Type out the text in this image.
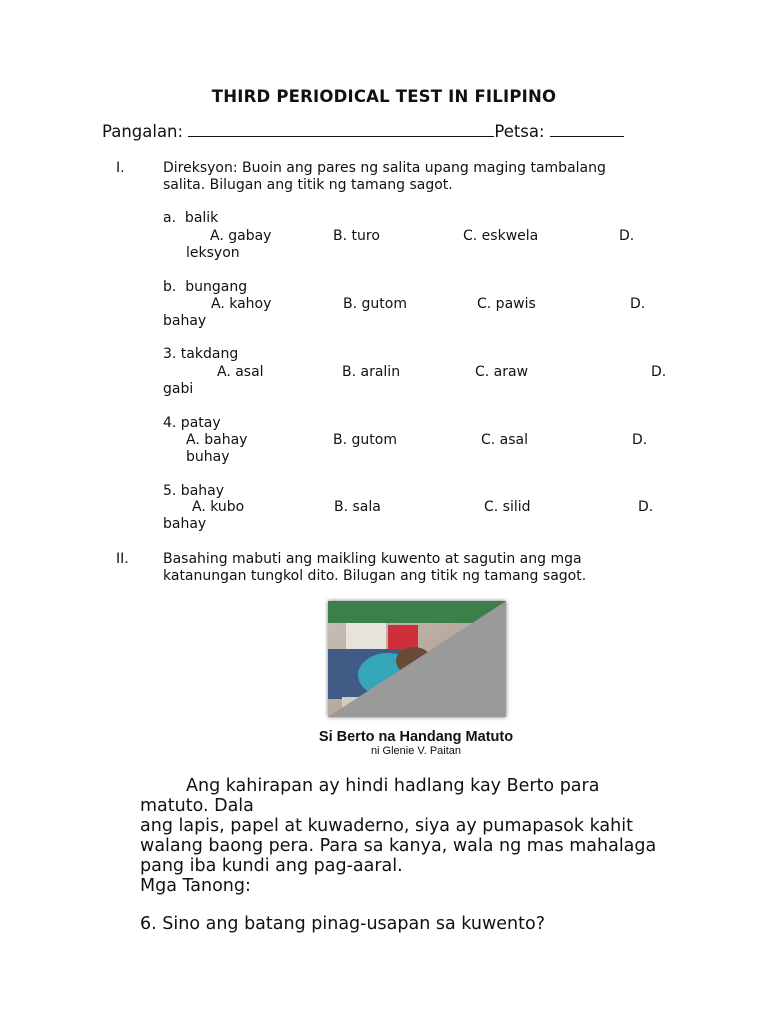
THIRD PERIODICAL TEST IN FILIPINO
Pangalan:	Petsa:
I.	Direksyon: Buoin ang pares ng salita upang maging tambalang
salita. Bilugan ang titik ng tamang sagot.
a.  balik
A. gabay	B. turo	C. eskwela	D.
leksyon
b.  bungang
A. kahoy	B. gutom	C. pawis	D.
bahay
3. takdang
A. asal	B. aralin	C. araw	D.
gabi
4. patay
A. bahay	B. gutom	C. asal	D.
buhay
5. bahay
A. kubo	B. sala	C. silid	D.
bahay
II. Basahing mabuti ang maikling kuwento at sagutin ang mga
katanungan tungkol dito. Bilugan ang titik ng tamang sagot.
Si Berto na Handang Matuto
ni Glenie V. Paitan
Ang kahirapan ay hindi hadlang kay Berto para
matuto. Dala
ang lapis, papel at kuwaderno, siya ay pumapasok kahit
walang baong pera. Para sa kanya, wala ng mas mahalaga
pang iba kundi ang pag-aaral.
Mga Tanong:
6. Sino ang batang pinag-usapan sa kuwento?
